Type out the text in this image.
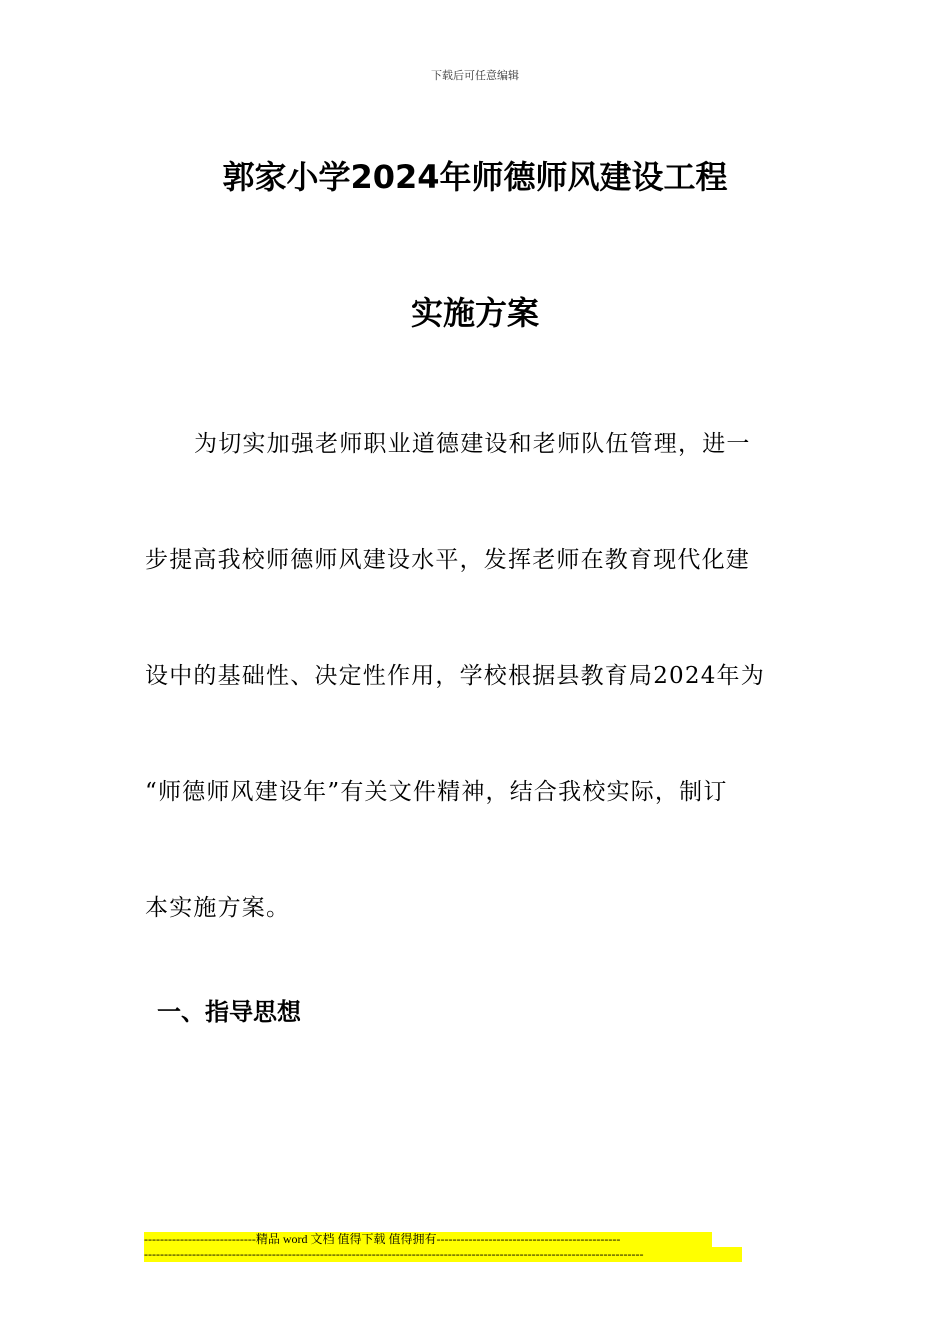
下载后可任意编辑
郭家小学2024年师德师风建设工程
实施方案
为切实加强老师职业道德建设和老师队伍管理，进一
步提高我校师德师风建设水平，发挥老师在教育现代化建
设中的基础性、决定性作用，学校根据县教育局2024年为
“师德师风建设年”有关文件精神，结合我校实际，制订
本实施方案。
一、指导思想
----------------------------精品 word 文档 值得下载 值得拥有----------------------------------------------
-----------------------------------------------------------------------------------------------------------------------------
